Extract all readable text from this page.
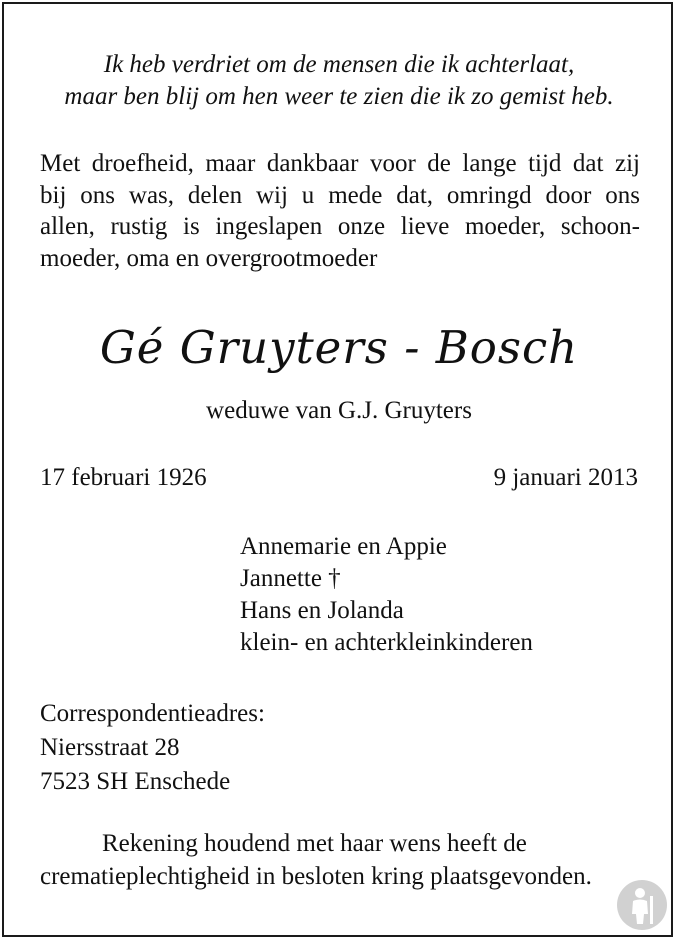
Ik heb verdriet om de mensen die ik achterlaat,
maar ben blij om hen weer te zien die ik zo gemist heb.
Met droefheid, maar dankbaar voor de lange tijd dat zij
bij ons was, delen wij u mede dat, omringd door ons
allen, rustig is ingeslapen onze lieve moeder, schoon-
moeder, oma en overgrootmoeder
Gé Gruyters - Bosch
weduwe van G.J. Gruyters
17 februari 1926	9 januari 2013
Annemarie en Appie
Jannette †
Hans en Jolanda
klein- en achterkleinkinderen
Correspondentieadres:
Niersstraat 28
7523 SH Enschede
Rekening houdend met haar wens heeft de
crematieplechtigheid in besloten kring plaatsgevonden.
